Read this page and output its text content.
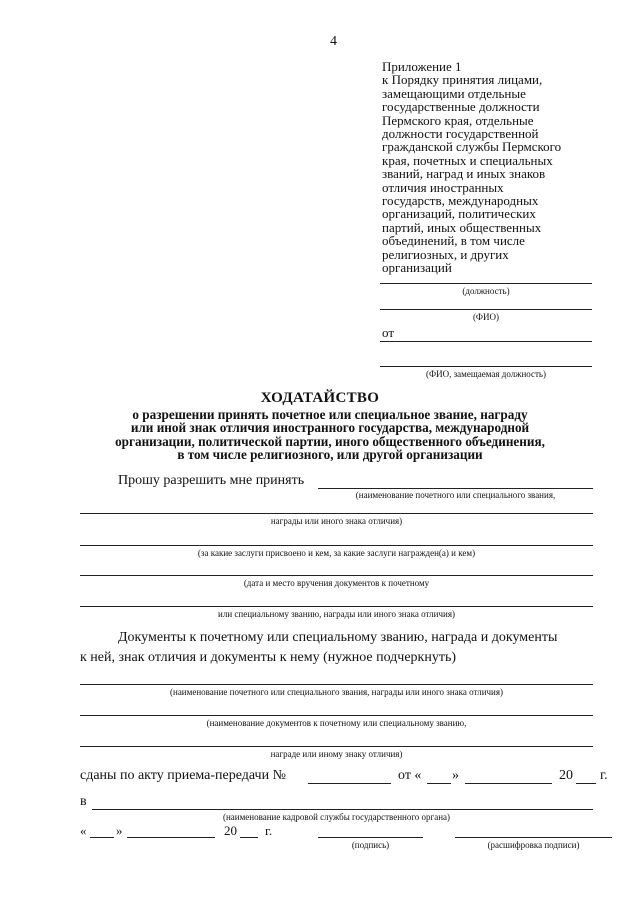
4
Приложение 1
к Порядку принятия лицами,
замещающими отдельные
государственные должности
Пермского края, отдельные
должности государственной
гражданской службы Пермского
края, почетных и специальных
званий, наград и иных знаков
отличия иностранных
государств, международных
организаций, политических
партий, иных общественных
объединений, в том числе
религиозных, и других
организаций
(должность)
(ФИО)
от
(ФИО, замещаемая должность)
ХОДАТАЙСТВО
о разрешении принять почетное или специальное звание, награду
или иной знак отличия иностранного государства, международной
организации, политической партии, иного общественного объединения,
в том числе религиозного, или другой организации
Прошу разрешить мне принять
(наименование почетного или специального звания,
награды или иного знака отличия)
(за какие заслуги присвоено и кем, за какие заслуги награжден(а) и кем)
(дата и место вручения документов к почетному
или специальному званию, награды или иного знака отличия)
Документы к почетному или специальному званию, награда и документы
к ней, знак отличия и документы к нему (нужное подчеркнуть)
(наименование почетного или специального звания, награды или иного знака отличия)
(наименование документов к почетному или специальному званию,
награде или иному знаку отличия)
сданы по акту приема-передачи №	от « »	20 г.
в
(наименование кадровой службы государственного органа)
« »	20 г.
(подпись)	(расшифровка подписи)
